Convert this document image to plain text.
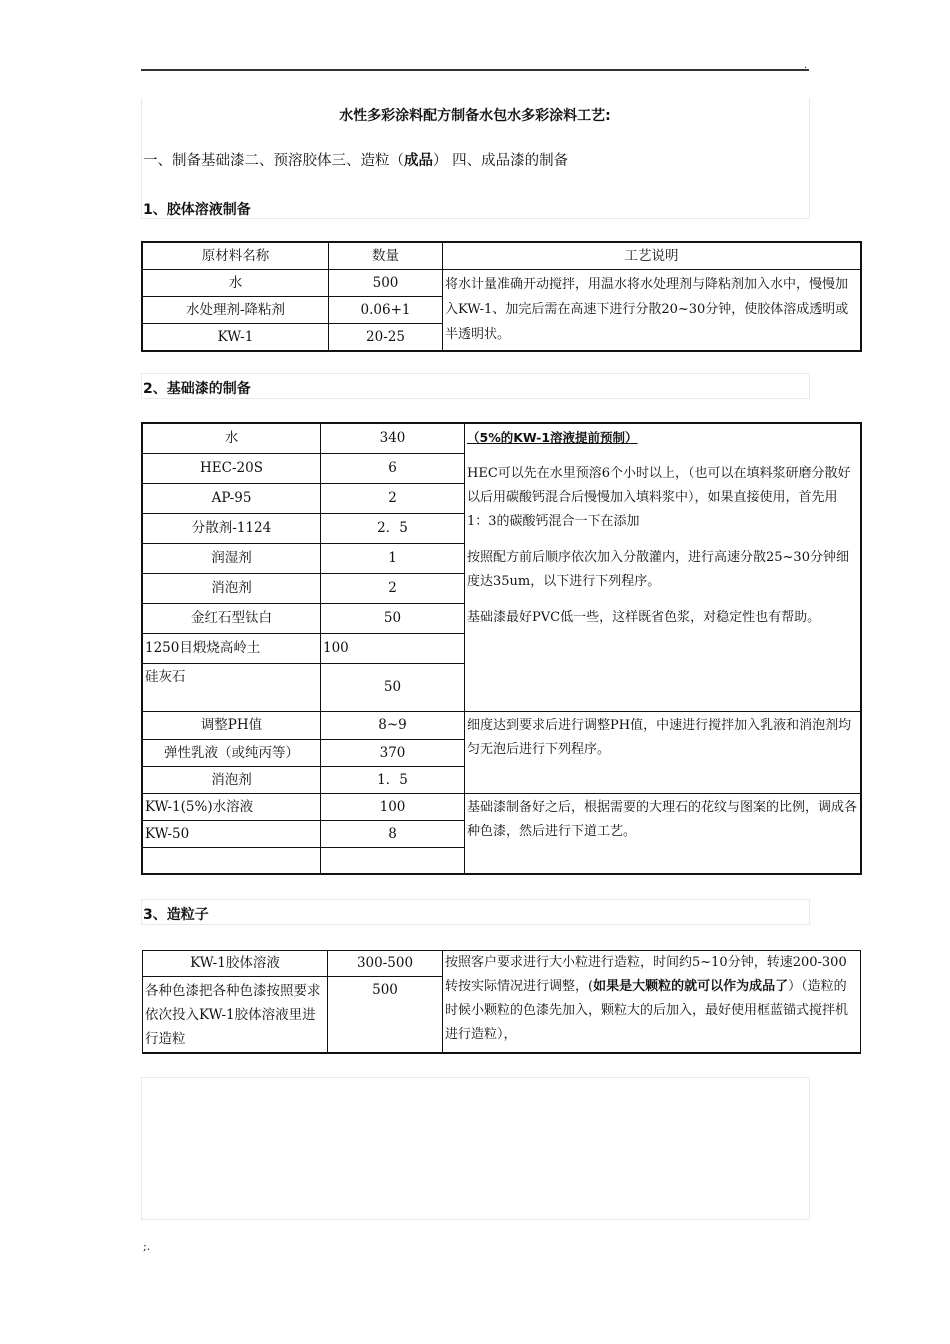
.
水性多彩涂料配方制备水包水多彩涂料工艺:
一、制备基础漆二、预溶胶体三、造粒（成品） 四、成品漆的制备
1、胶体溶液制备
原材料名称	数量	工艺说明
水	500	将水计量准确开动搅拌，用温水将水处理剂与降粘剂加入水中，慢慢加入KW-1、加完后需在高速下进行分散20~30分钟，使胶体溶成透明或半透明状。
水处理剂-降粘剂	0.06+1	
KW-1	20-25	
2、基础漆的制备
水	340	（5%的KW-1溶液提前预制）
HEC可以先在水里预溶6个小时以上，（也可以在填料浆研磨分散好以后用碳酸钙混合后慢慢加入填料浆中），如果直接使用，首先用1：3的碳酸钙混合一下在添加
按照配方前后顺序依次加入分散灌内，进行高速分散25~30分钟细度达35um，以下进行下列程序。
基础漆最好PVC低一些，这样既省色浆，对稳定性也有帮助。

HEC-20S	6	
AP-95	2	
分散剂-1124	2．5	
润湿剂	1	
消泡剂	2	
金红石型钛白	50	
1250目煅烧高岭土	100	
硅灰石	50	
调整PH值	8~9	细度达到要求后进行调整PH值，中速进行搅拌加入乳液和消泡剂均匀无泡后进行下列程序。
弹性乳液（或纯丙等）	370	
消泡剂	1．5	
KW-1(5%)水溶液	100	基础漆制备好之后，根据需要的大理石的花纹与图案的比例，调成各种色漆，然后进行下道工艺。
KW-50	8	

3、造粒子
KW-1胶体溶液	300-500	按照客户要求进行大小粒进行造粒，时间约5~10分钟，转速200-300转按实际情况进行调整，(如果是大颗粒的就可以作为成品了）（造粒的时候小颗粒的色漆先加入，颗粒大的后加入，最好使用框蓝锚式搅拌机进行造粒），
各种色漆把各种色漆按照要求依次投入KW-1胶体溶液里进行造粒	500	
;.
